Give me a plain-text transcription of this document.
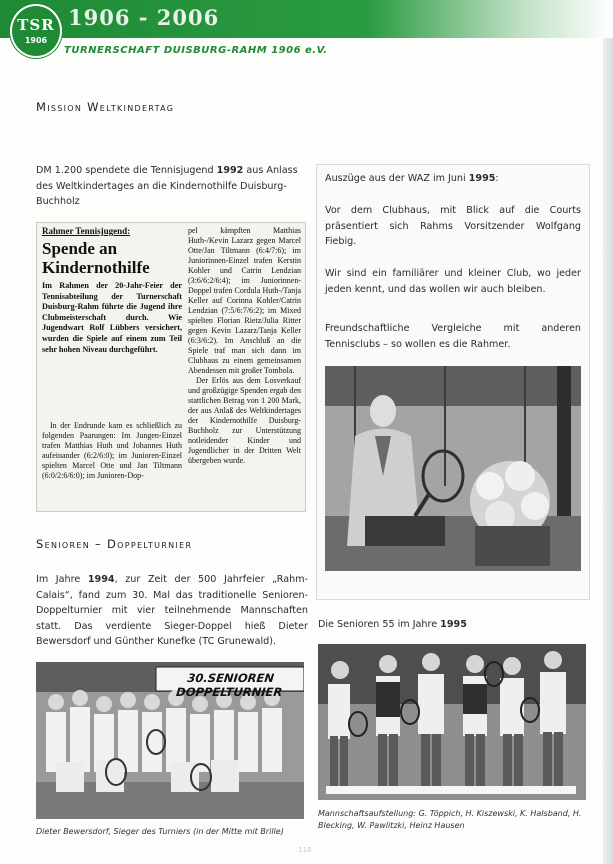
TSR
1906
1906 - 2006
TURNERSCHAFT DUISBURG-RAHM 1906 e.V.
Mission Weltkindertag
DM 1.200 spendete die Tennisjugend 1992 aus Anlass des Weltkindertages an die Kindernothilfe Duisburg-Buchholz
Rahmer Tennisjugend:
Spende an Kindernothilfe
Im Rahmen der 20-Jahr-Feier der Tennisabteilung der Turnerschaft Duisburg-Rahm führte die Jugend ihre Clubmeisterschaft durch. Wie Jugendwart Rolf Lübbers versichert, wurden die Spiele auf einem zum Teil sehr hohen Niveau durchgeführt.

In der Endrunde kam es schließlich zu folgenden Paarungen: Im Jungen-Einzel trafen Matthias Huth und Johannes Huth aufeinander (6:2/6:0); im Junioren-Einzel spielten Marcel Otte und Jan Tiltmann (6:0/2:6/6:0); im Junioren-Dop-

pel kämpften Matthias Huth-/Kevin Lazarz gegen Marcel Otte/Jan Tiltmann (6:4/7:6); im Juniorinnen-Einzel trafen Kerstin Kohler und Catrin Lendzian (3:6/6:2/6:4); im Juniorinnen-Doppel trafen Cordula Huth-/Tanja Keller auf Corinna Kohler/Catrin Lendzian (7:5/6:7/6:2); im Mixed spielten Florian Rietz/Julia Ritter gegen Kevin Lazarz/Tanja Keller (6:3/6:2). Im Anschluß an die Spiele traf man sich dann im Clubhaus zu einem gemeinsamen Abendessen mit großer Tombola.

Der Erlös aus dem Losverkauf und großzügige Spenden ergab den stattlichen Betrag von 1 200 Mark, der aus Anlaß des Weltkindertages der Kindernothilfe Duisburg-Buchholz zur Unterstützung notleidender Kinder und Jugendlicher in der Dritten Welt übergeben wurde.

Auszüge aus der WAZ im Juni 1995:
Vor dem Clubhaus, mit Blick auf die Courts präsentiert sich Rahms Vorsitzender Wolfgang Fiebig.
Wir sind ein familiärer und kleiner Club, wo jeder jeden kennt, und das wollen wir auch bleiben.
Freundschaftliche Vergleiche mit anderen Tennisclubs – so wollen es die Rahmer.
Senioren – Doppelturnier
Im Jahre 1994, zur Zeit der 500 Jahrfeier „Rahm-Calais“, fand zum 30. Mal das traditionelle Senioren-Doppelturnier mit vier teilnehmende Mannschaften statt. Das verdiente Sieger-Doppel hieß Dieter Bewersdorf und Günther Kunefke (TC Grunewald).
30.SENIOREN DOPPELTURNIER
Dieter Bewersdorf, Sieger des Turniers (in der Mitte mit Brille)
Die Senioren 55 im Jahre 1995
Mannschaftsaufstellung: G. Töppich, H. Kiszewski, K. Halsband, H. Blecking, W. Pawlitzki, Heinz Hausen
118
